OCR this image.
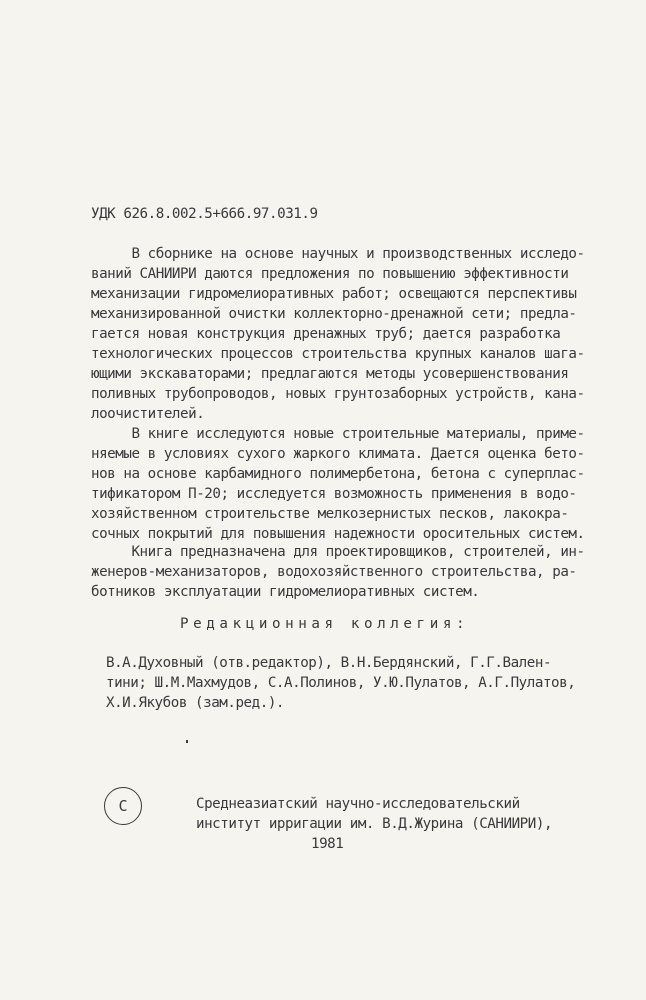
УДК 626.8.002.5+666.97.031.9
В сборнике на основе научных и производственных исследо-
ваний САНИИРИ даются предложения по повышению эффективности
механизации гидромелиоративных работ; освещаются перспективы
механизированной очистки коллекторно-дренажной сети; предла-
гается новая конструкция дренажных труб; дается разработка
технологических процессов строительства крупных каналов шага-
ющими экскаваторами; предлагаются методы усовершенствования
поливных трубопроводов, новых грунтозаборных устройств, кана-
лоочистителей.
В книге исследуются новые строительные материалы, приме-
няемые в условиях сухого жаркого климата. Дается оценка бето-
нов на основе карбамидного полимербетона, бетона с суперплас-
тификатором П-20; исследуется возможность применения в водо-
хозяйственном строительстве мелкозернистых песков, лакокра-
сочных покрытий для повышения надежности оросительных систем.
Книга предназначена для проектировщиков, строителей, ин-
женеров-механизаторов, водохозяйственного строительства, ра-
ботников эксплуатации гидромелиоративных систем.
Редакционная коллегия:
В.А.Духовный (отв.редактор), В.Н.Бердянский, Г.Г.Вален-
тини; Ш.М.Махмудов, С.А.Полинов, У.Ю.Пулатов, А.Г.Пулатов,
Х.И.Якубов (зам.ред.).
С	Среднеазиатский научно-исследовательский
институт ирригации им. В.Д.Журина (САНИИРИ),
1981
